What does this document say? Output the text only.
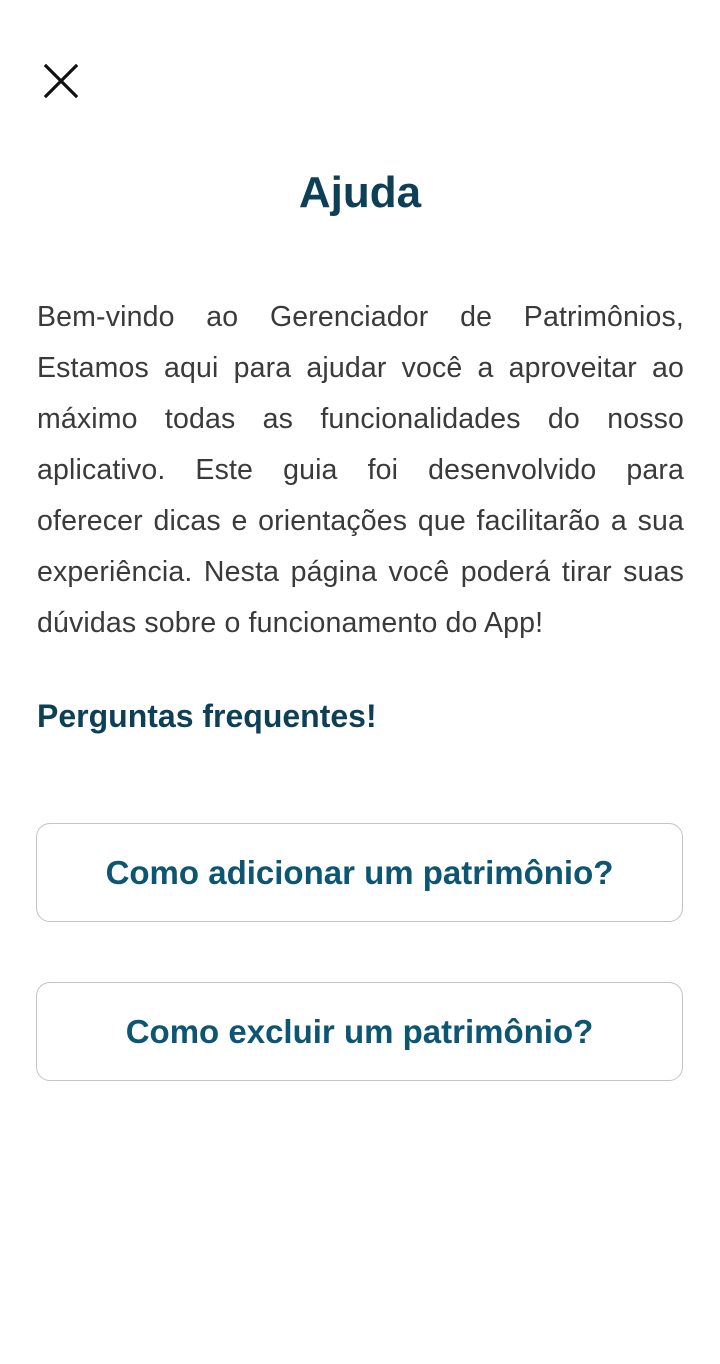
Ajuda

Bem-vindo ao Gerenciador de Patrimônios, Estamos aqui para ajudar você a aproveitar ao máximo todas as funcionalidades do nosso aplicativo. Este guia foi desenvolvido para oferecer dicas e orientações que facilitarão a sua experiência. Nesta página você poderá tirar suas dúvidas sobre o funcionamento do App!

Perguntas frequentes!
Como adicionar um patrimônio?
Como excluir um patrimônio?
